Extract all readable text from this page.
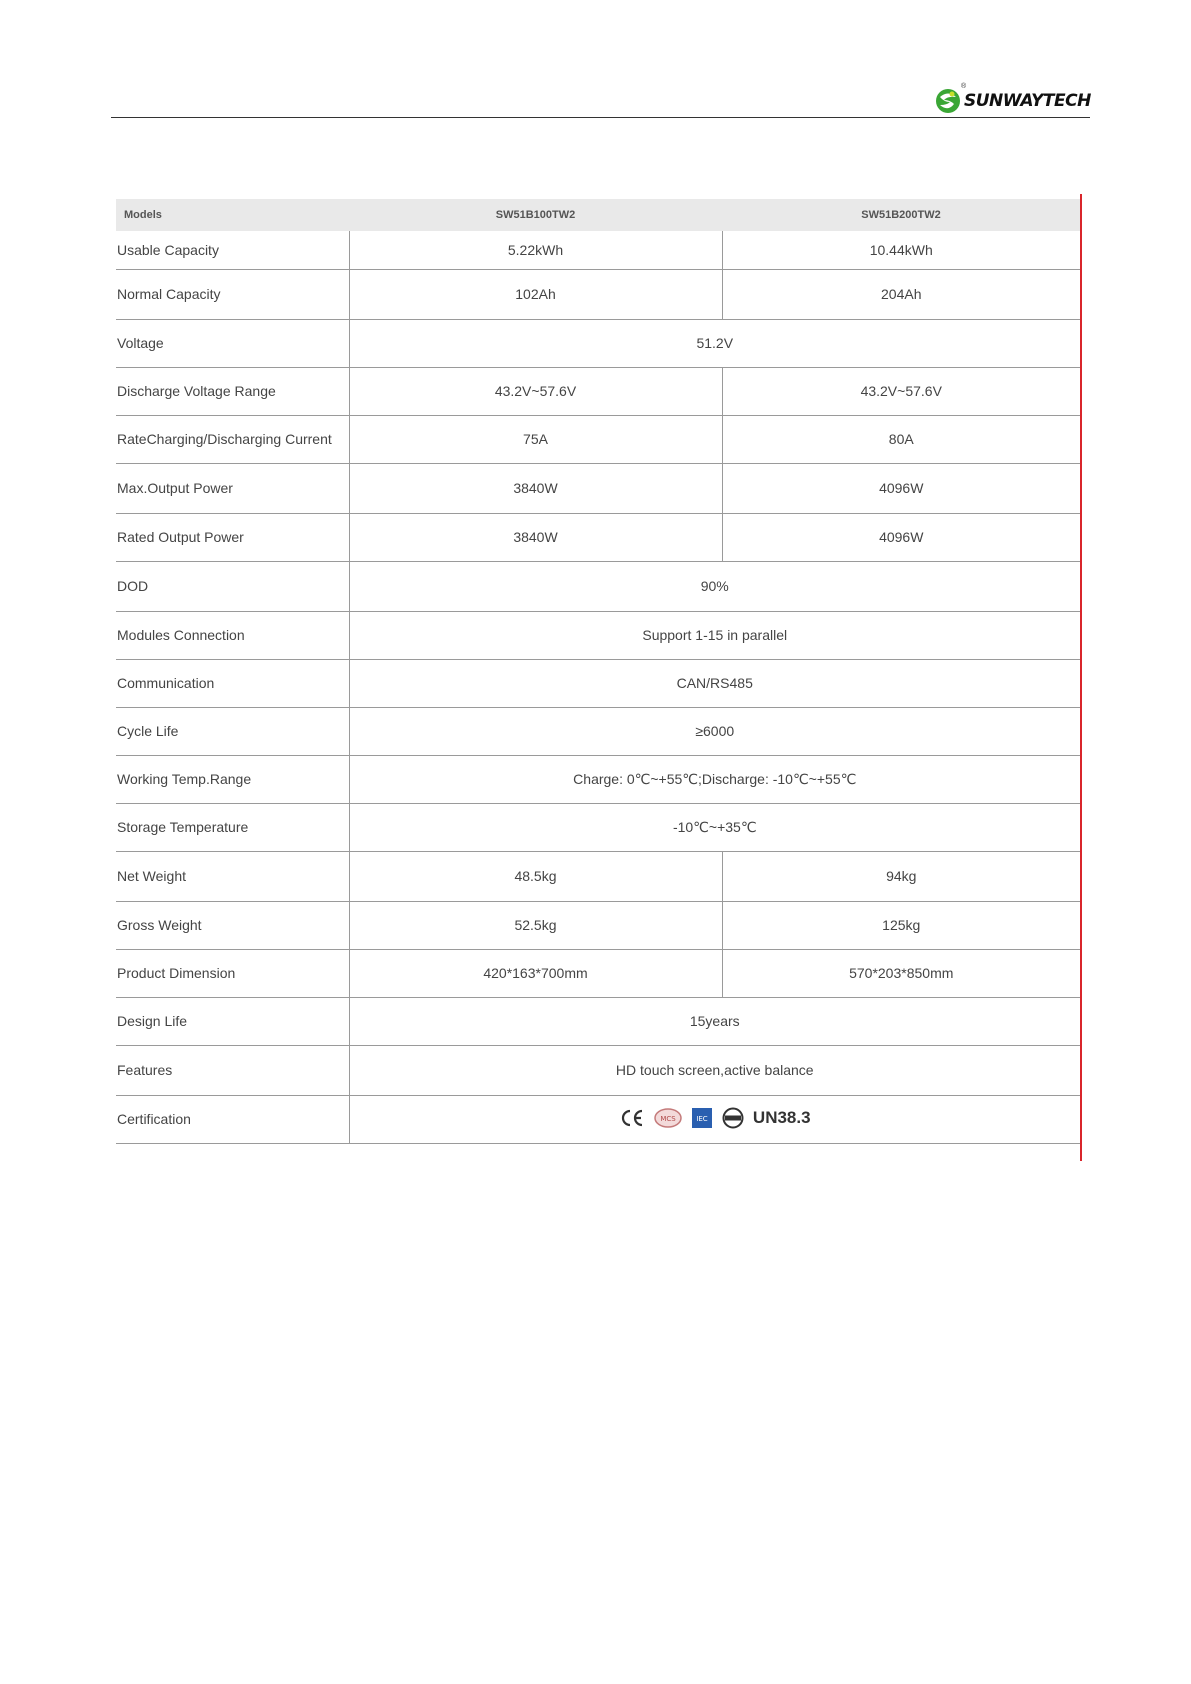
®
SUNWAYTECH
Models	SW51B100TW2	SW51B200TW2
Usable Capacity	5.22kWh	10.44kWh
Normal Capacity	102Ah	204Ah
Voltage	51.2V	
Discharge Voltage Range	43.2V~57.6V	43.2V~57.6V
RateCharging/Discharging Current	75A	80A
Max.Output Power	3840W	4096W
Rated Output Power	3840W	4096W
DOD	90%	
Modules Connection	Support 1-15 in parallel	
Communication	CAN/RS485	
Cycle Life	≥6000	
Working Temp.Range	Charge: 0℃~+55℃;Discharge: -10℃~+55℃	
Storage Temperature	-10℃~+35℃	
Net Weight	48.5kg	94kg
Gross Weight	52.5kg	125kg
Product Dimension	420*163*700mm	570*203*850mm
Design Life	15years	
Features	HD touch screen,active balance	
Certification	MCS IEC UN38.3	
